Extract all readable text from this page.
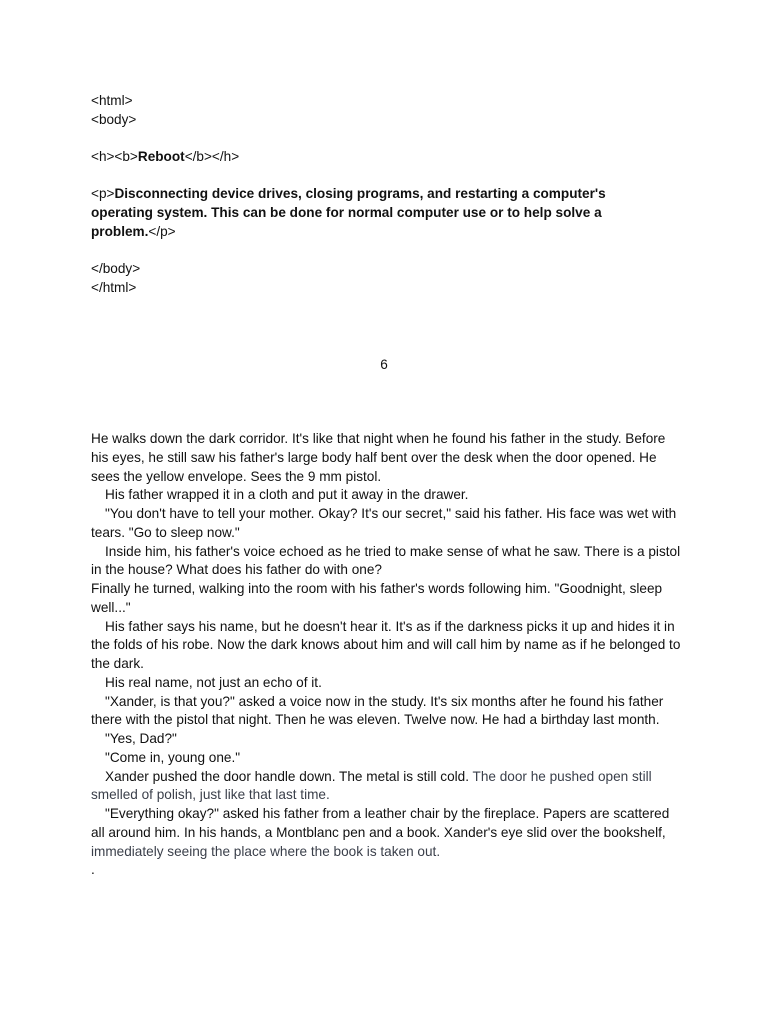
<html>

<body>

<h><b>Reboot</b></h>

<p>Disconnecting device drives, closing programs, and restarting a computer's operating system. This can be done for normal computer use or to help solve a problem.</p>

</body>

</html>

6

He walks down the dark corridor. It's like that night when he found his father in the study. Before his eyes, he still saw his father's large body half bent over the desk when the door opened. He sees the yellow envelope. Sees the 9 mm pistol.

His father wrapped it in a cloth and put it away in the drawer.

"You don't have to tell your mother. Okay? It's our secret," said his father. His face was wet with tears. "Go to sleep now."

Inside him, his father's voice echoed as he tried to make sense of what he saw. There is a pistol in the house? What does his father do with one?

Finally he turned, walking into the room with his father's words following him. "Goodnight, sleep well..."

His father says his name, but he doesn't hear it. It's as if the darkness picks it up and hides it in the folds of his robe. Now the dark knows about him and will call him by name as if he belonged to the dark.

His real name, not just an echo of it.

"Xander, is that you?" asked a voice now in the study. It's six months after he found his father there with the pistol that night. Then he was eleven. Twelve now. He had a birthday last month.

"Yes, Dad?"

"Come in, young one."

Xander pushed the door handle down. The metal is still cold. The door he pushed open still smelled of polish, just like that last time.

"Everything okay?" asked his father from a leather chair by the fireplace. Papers are scattered all around him. In his hands, a Montblanc pen and a book. Xander's eye slid over the bookshelf, immediately seeing the place where the book is taken out.

.
